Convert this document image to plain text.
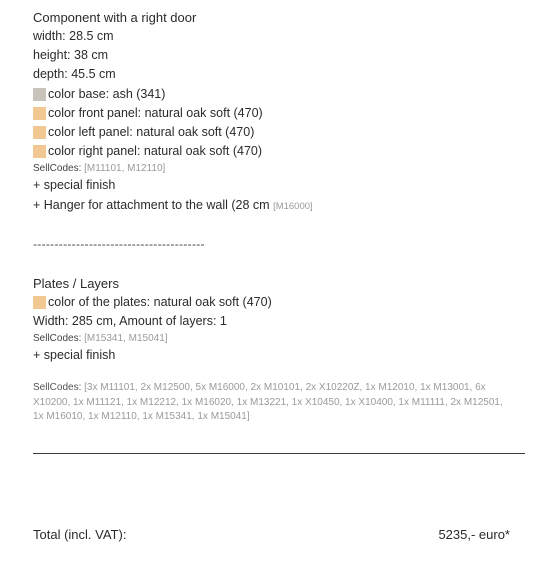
Component with a right door
width: 28.5 cm
height: 38 cm
depth: 45.5 cm
color base: ash (341)
color front panel: natural oak soft (470)
color left panel: natural oak soft (470)
color right panel: natural oak soft (470)
SellCodes: [M11101, M12110]
+ special finish
+ Hanger for attachment to the wall (28 cm [M16000]
----------------------------------------
Plates / Layers
color of the plates: natural oak soft (470)
Width: 285 cm, Amount of layers: 1
SellCodes: [M15341, M15041]
+ special finish
SellCodes: [3x M11101, 2x M12500, 5x M16000, 2x M10101, 2x X10220Z, 1x M12010, 1x M13001, 6x X10200, 1x M11121, 1x M12212, 1x M16020, 1x M13221, 1x X10450, 1x X10400, 1x M11111, 2x M12501, 1x M16010, 1x M12110, 1x M15341, 1x M15041]
Total (incl. VAT):	5235,- euro*
